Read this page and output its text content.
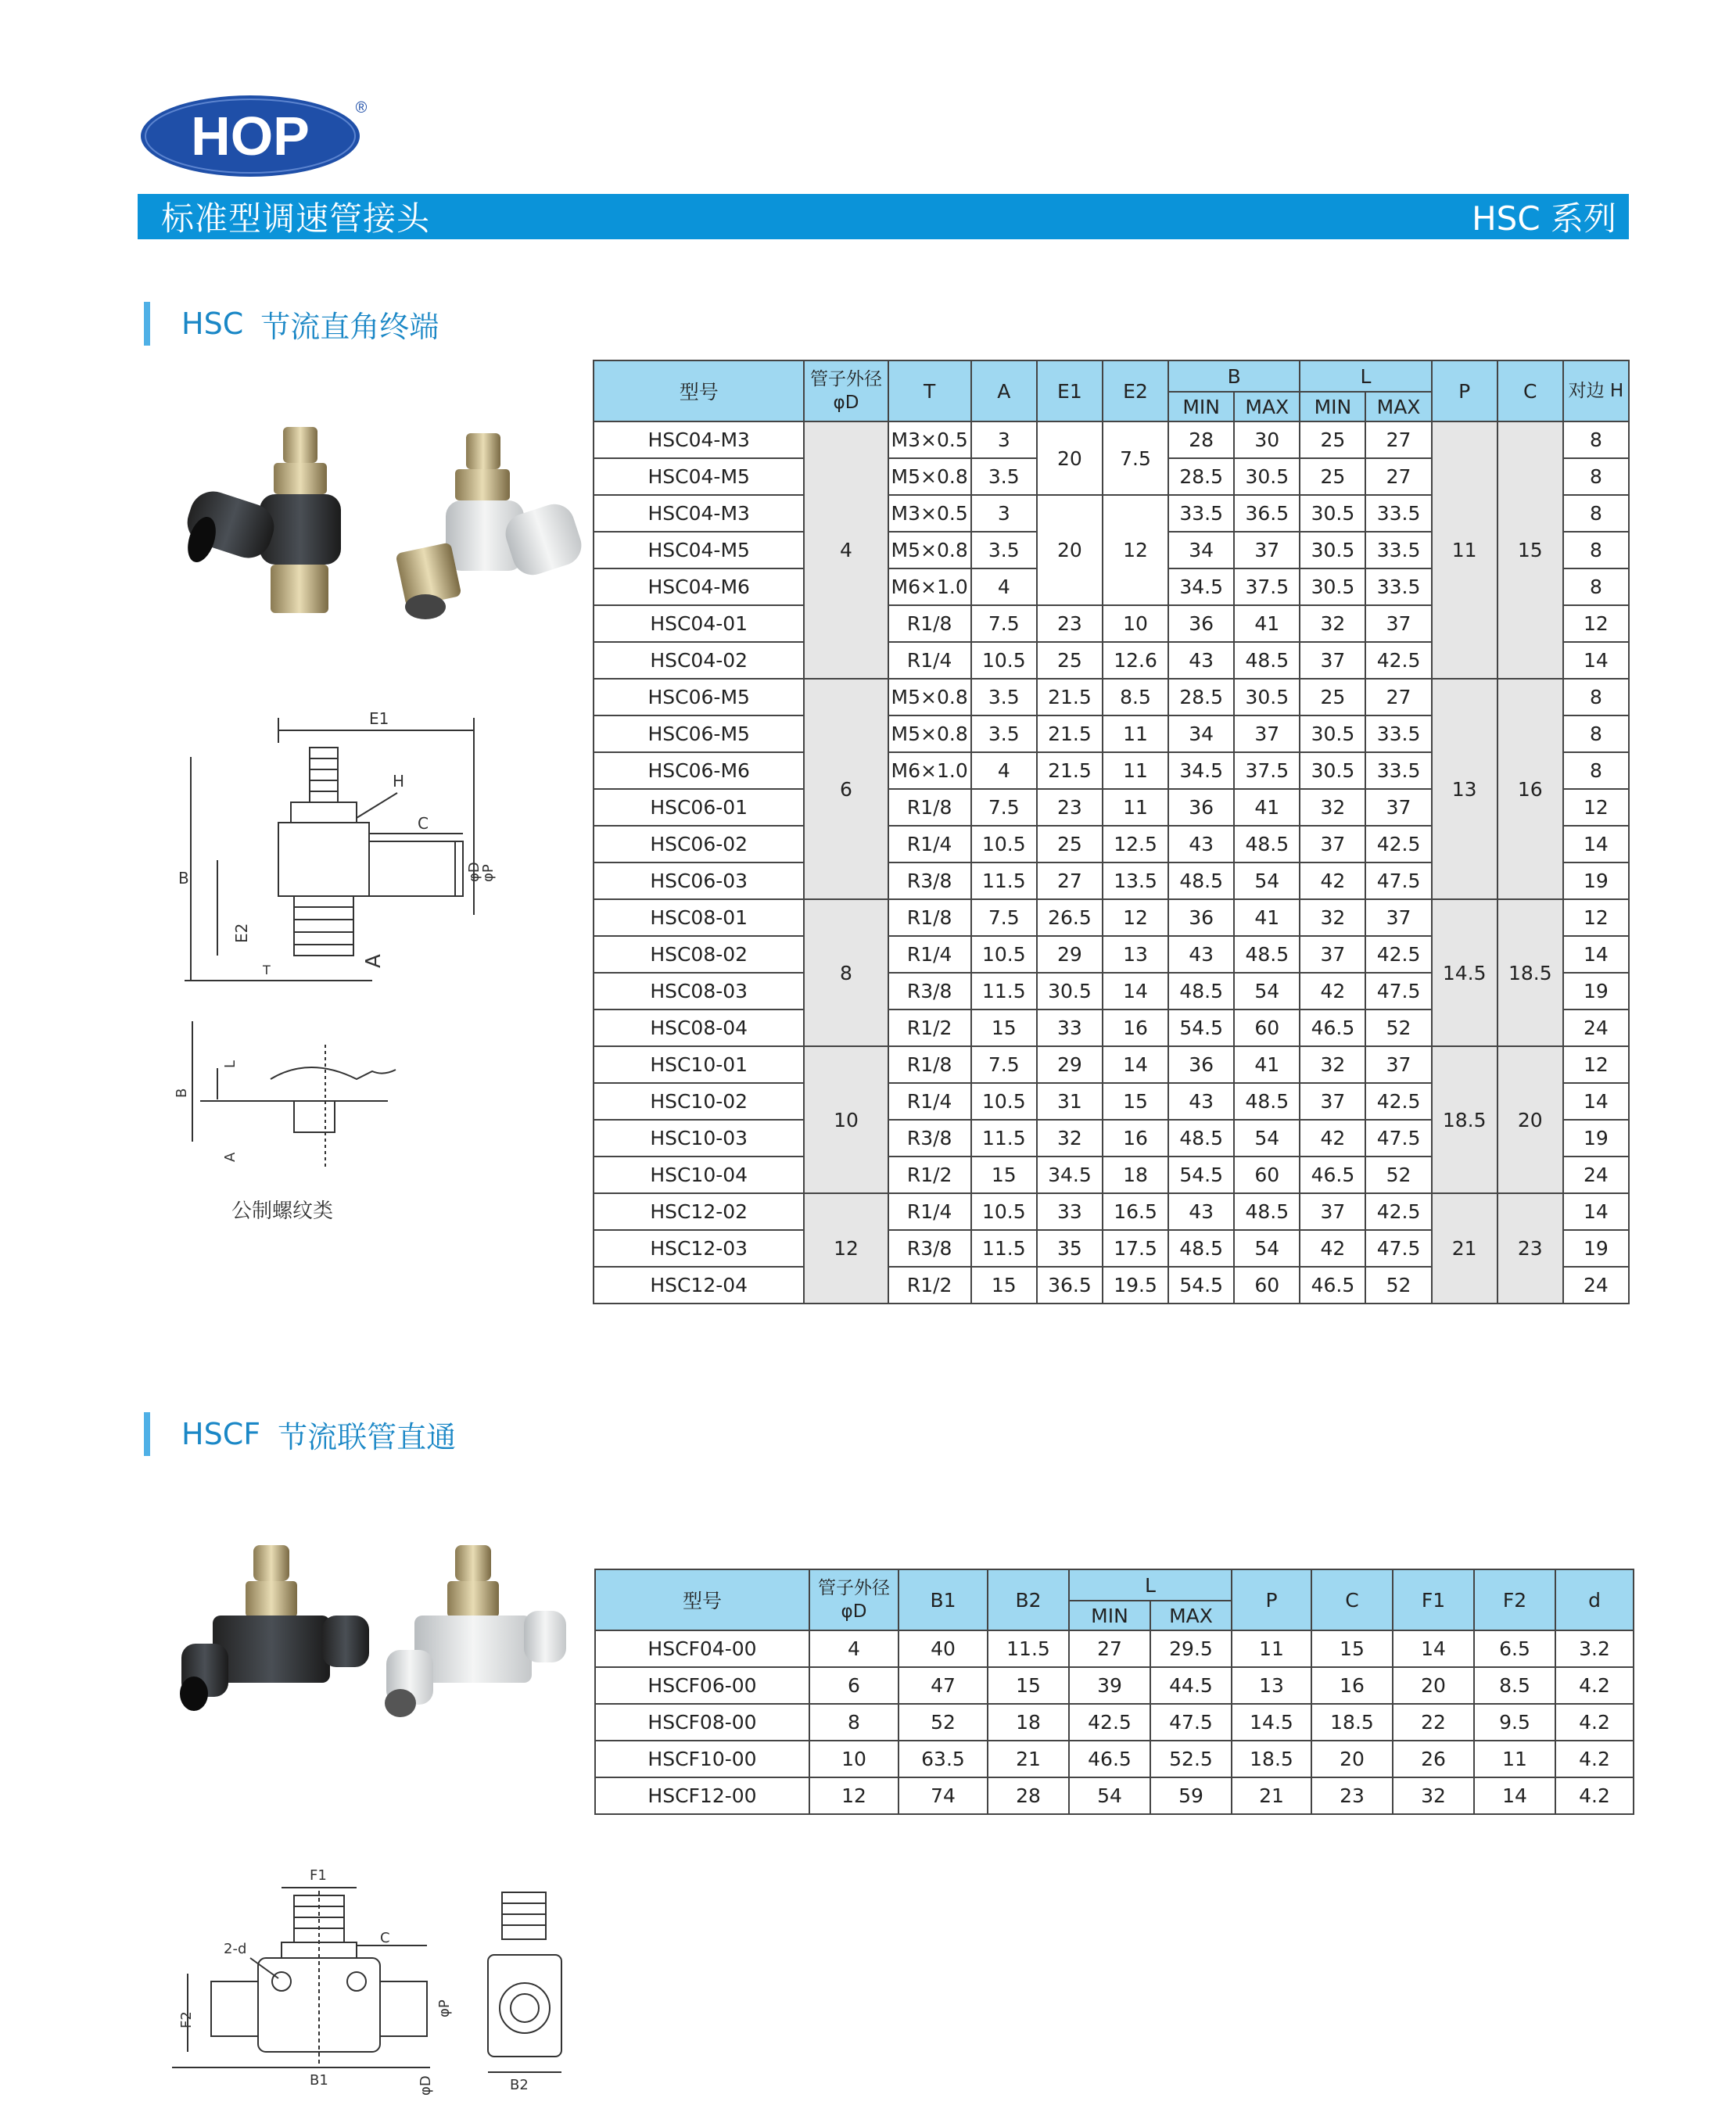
HOP	®
标准型调速管接头	HSC 系列
HSC 节流直角终端
E1
H
C
B
E2
T
A
φD
φP
B
L
A
公制螺纹类
型号	管子外径 φD	T	A	E1	E2	B		L		P	C	对边 H
						MIN	MAX	MIN	MAX			
HSC04-M3	4	M3×0.5	3	20	7.5	28	30	25	27	11	15	8
HSC04-M5		M5×0.8	3.5			28.5	30.5	25	27			8
HSC04-M3		M3×0.5	3	20	12	33.5	36.5	30.5	33.5			8
HSC04-M5		M5×0.8	3.5			34	37	30.5	33.5			8
HSC04-M6		M6×1.0	4			34.5	37.5	30.5	33.5			8
HSC04-01		R1/8	7.5	23	10	36	41	32	37			12
HSC04-02		R1/4	10.5	25	12.6	43	48.5	37	42.5			14
HSC06-M5	6	M5×0.8	3.5	21.5	8.5	28.5	30.5	25	27	13	16	8
HSC06-M5		M5×0.8	3.5	21.5	11	34	37	30.5	33.5			8
HSC06-M6		M6×1.0	4	21.5	11	34.5	37.5	30.5	33.5			8
HSC06-01		R1/8	7.5	23	11	36	41	32	37			12
HSC06-02		R1/4	10.5	25	12.5	43	48.5	37	42.5			14
HSC06-03		R3/8	11.5	27	13.5	48.5	54	42	47.5			19
HSC08-01	8	R1/8	7.5	26.5	12	36	41	32	37	14.5	18.5	12
HSC08-02		R1/4	10.5	29	13	43	48.5	37	42.5			14
HSC08-03		R3/8	11.5	30.5	14	48.5	54	42	47.5			19
HSC08-04		R1/2	15	33	16	54.5	60	46.5	52			24
HSC10-01	10	R1/8	7.5	29	14	36	41	32	37	18.5	20	12
HSC10-02		R1/4	10.5	31	15	43	48.5	37	42.5			14
HSC10-03		R3/8	11.5	32	16	48.5	54	42	47.5			19
HSC10-04		R1/2	15	34.5	18	54.5	60	46.5	52			24
HSC12-02	12	R1/4	10.5	33	16.5	43	48.5	37	42.5	21	23	14
HSC12-03		R3/8	11.5	35	17.5	48.5	54	42	47.5			19
HSC12-04		R1/2	15	36.5	19.5	54.5	60	46.5	52			24
HSCF 节流联管直通
F1
2-d
C
F2
B1
φP
φD	B2
型号	管子外径 φD	B1	B2	L		P	C	F1	F2	d
				MIN	MAX					
HSCF04-00	4	40	11.5	27	29.5	11	15	14	6.5	3.2
HSCF06-00	6	47	15	39	44.5	13	16	20	8.5	4.2
HSCF08-00	8	52	18	42.5	47.5	14.5	18.5	22	9.5	4.2
HSCF10-00	10	63.5	21	46.5	52.5	18.5	20	26	11	4.2
HSCF12-00	12	74	28	54	59	21	23	32	14	4.2
